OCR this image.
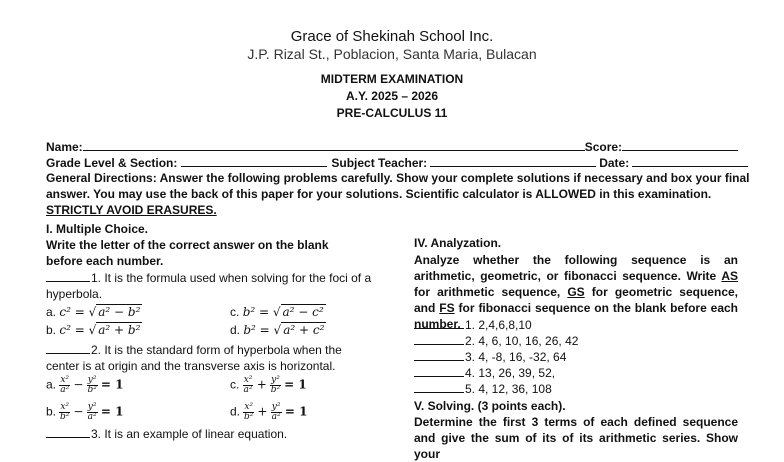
Grace of Shekinah School Inc.
J.P. Rizal St., Poblacion, Santa Maria, Bulacan
MIDTERM EXAMINATION
A.Y. 2025 – 2026
PRE-CALCULUS 11
Name:	Score:
Grade Level & Section:	Subject Teacher:	Date:
General Directions: Answer the following problems carefully. Show your complete solutions if necessary and box your final
answer. You may use the back of this paper for your solutions. Scientific calculator is ALLOWED in this examination.
STRICTLY AVOID ERASURES.
I. Multiple Choice.
Write the letter of the correct answer on the blank before each number.
1. It is the formula used when solving for the foci of a hyperbola.
a. c² = √ a² − b²	c. b² = √ a² − c²
b. c² = √ a² + b²	d. b² = √ a² + c²
2. It is the standard form of hyperbola when the center is at origin and the transverse axis is horizontal.
a. $\frac{\text{x²}}{\text{a²}} - \frac{\text{y²}}{\text{b²}} = 1$	c. $\frac{\text{x²}}{\text{a²}} + \frac{\text{y²}}{\text{b²}} = 1$
b. $\frac{\text{x²}}{\text{b²}} - \frac{\text{y²}}{\text{a²}} = 1$	d. $\frac{\text{x²}}{\text{b²}} + \frac{\text{y²}}{\text{a²}} = 1$
3. It is an example of linear equation.
IV. Analyzation.
Analyze whether the following sequence is an arithmetic, geometric, or fibonacci sequence. Write AS for arithmetic sequence, GS for geometric sequence, and FS for fibonacci sequence on the blank before each number. 1. 2,4,6,8,10
2. 4, 6, 10, 16, 26, 42
3. 4, -8, 16, -32, 64
4. 13, 26, 39, 52,
5. 4, 12, 36, 108
V. Solving. (3 points each).
Determine the first 3 terms of each defined sequence and give the sum of its of its arithmetic series. Show your
